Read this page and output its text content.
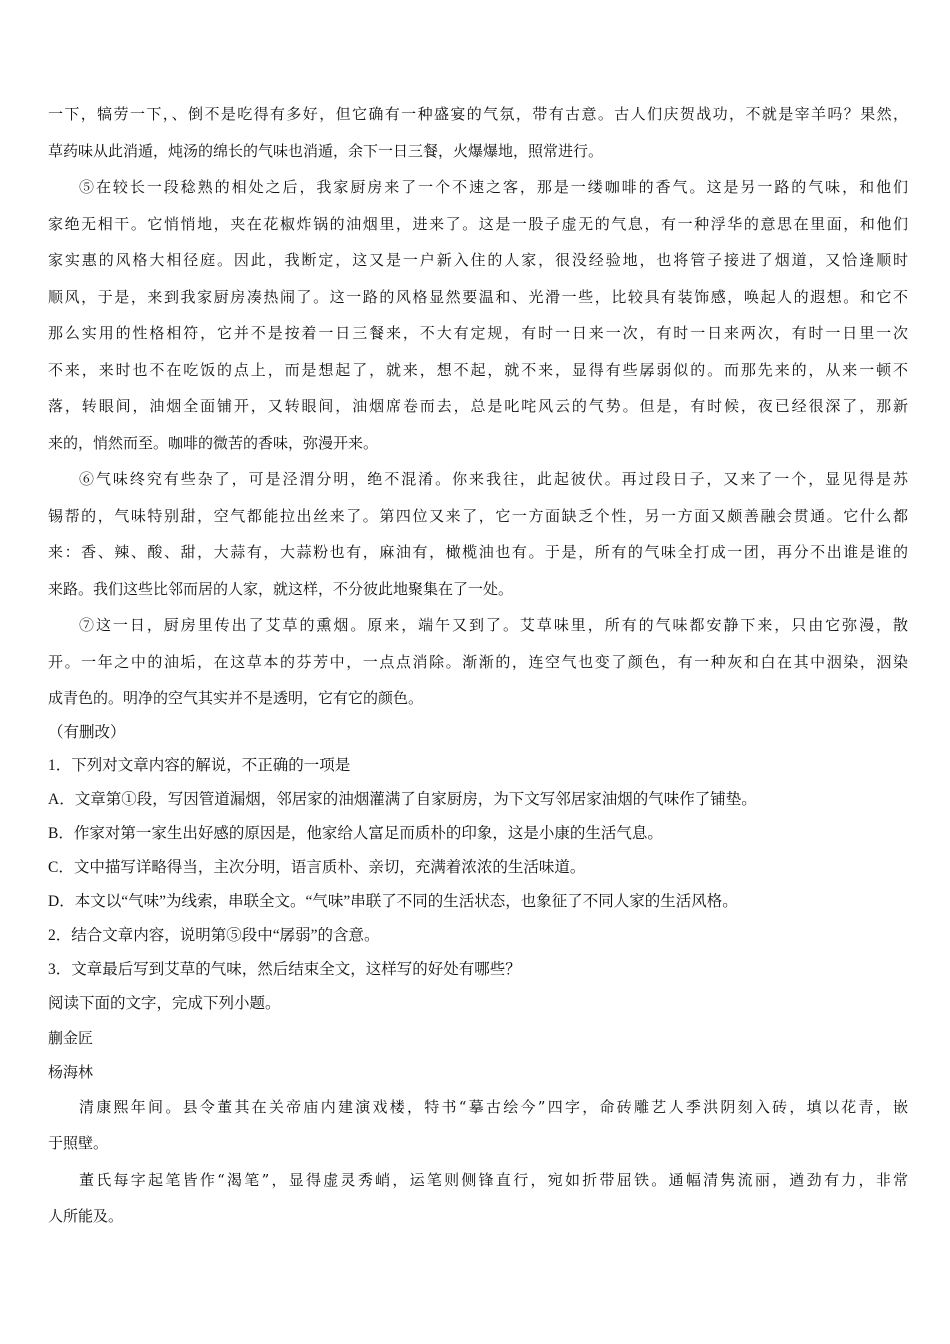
一下，犒劳一下，、倒不是吃得有多好，但它确有一种盛宴的气氛，带有古意。古人们庆贺战功，不就是宰羊吗？果然，

草药味从此消遁，炖汤的绵长的气味也消遁，余下一日三餐，火爆爆地，照常进行。

⑤在较长一段稔熟的相处之后，我家厨房来了一个不速之客，那是一缕咖啡的香气。这是另一路的气味，和他们

家绝无相干。它悄悄地，夹在花椒炸锅的油烟里，进来了。这是一股子虚无的气息，有一种浮华的意思在里面，和他们

家实惠的风格大相径庭。因此，我断定，这又是一户新入住的人家，很没经验地，也将管子接进了烟道，又恰逢顺时

顺风，于是，来到我家厨房凑热闹了。这一路的风格显然要温和、光滑一些，比较具有装饰感，唤起人的遐想。和它不

那么实用的性格相符，它并不是按着一日三餐来，不大有定规，有时一日来一次，有时一日来两次，有时一日里一次

不来，来时也不在吃饭的点上，而是想起了，就来，想不起，就不来，显得有些孱弱似的。而那先来的，从来一顿不

落，转眼间，油烟全面铺开，又转眼间，油烟席卷而去，总是叱咤风云的气势。但是，有时候，夜已经很深了，那新

来的，悄然而至。咖啡的微苦的香味，弥漫开来。

⑥气味终究有些杂了，可是泾渭分明，绝不混淆。你来我往，此起彼伏。再过段日子，又来了一个，显见得是苏

锡帮的，气味特别甜，空气都能拉出丝来了。第四位又来了，它一方面缺乏个性，另一方面又颇善融会贯通。它什么都

来：香、辣、酸、甜，大蒜有，大蒜粉也有，麻油有，橄榄油也有。于是，所有的气味全打成一团，再分不出谁是谁的

来路。我们这些比邻而居的人家，就这样，不分彼此地聚集在了一处。

⑦这一日，厨房里传出了艾草的熏烟。原来，端午又到了。艾草味里，所有的气味都安静下来，只由它弥漫，散

开。一年之中的油垢，在这草本的芬芳中，一点点消除。渐渐的，连空气也变了颜色，有一种灰和白在其中洇染，洇染

成青色的。明净的空气其实并不是透明，它有它的颜色。

（有删改）

1．下列对文章内容的解说，不正确的一项是

A．文章第①段，写因管道漏烟，邻居家的油烟灌满了自家厨房，为下文写邻居家油烟的气味作了铺垫。

B．作家对第一家生出好感的原因是，他家给人富足而质朴的印象，这是小康的生活气息。

C．文中描写详略得当，主次分明，语言质朴、亲切，充满着浓浓的生活味道。

D．本文以“气味”为线索，串联全文。“气味”串联了不同的生活状态，也象征了不同人家的生活风格。

2．结合文章内容，说明第⑤段中“孱弱”的含意。

3．文章最后写到艾草的气味，然后结束全文，这样写的好处有哪些？

阅读下面的文字，完成下列小题。

蒯金匠

杨海林

清康熙年间。县令董其在关帝庙内建演戏楼，特书“摹古绘今”四字，命砖雕艺人季洪阴刻入砖，填以花青，嵌

于照壁。

董氏每字起笔皆作“渴笔”，显得虚灵秀峭，运笔则侧锋直行，宛如折带屈铁。通幅清隽流丽，遒劲有力，非常

人所能及。
